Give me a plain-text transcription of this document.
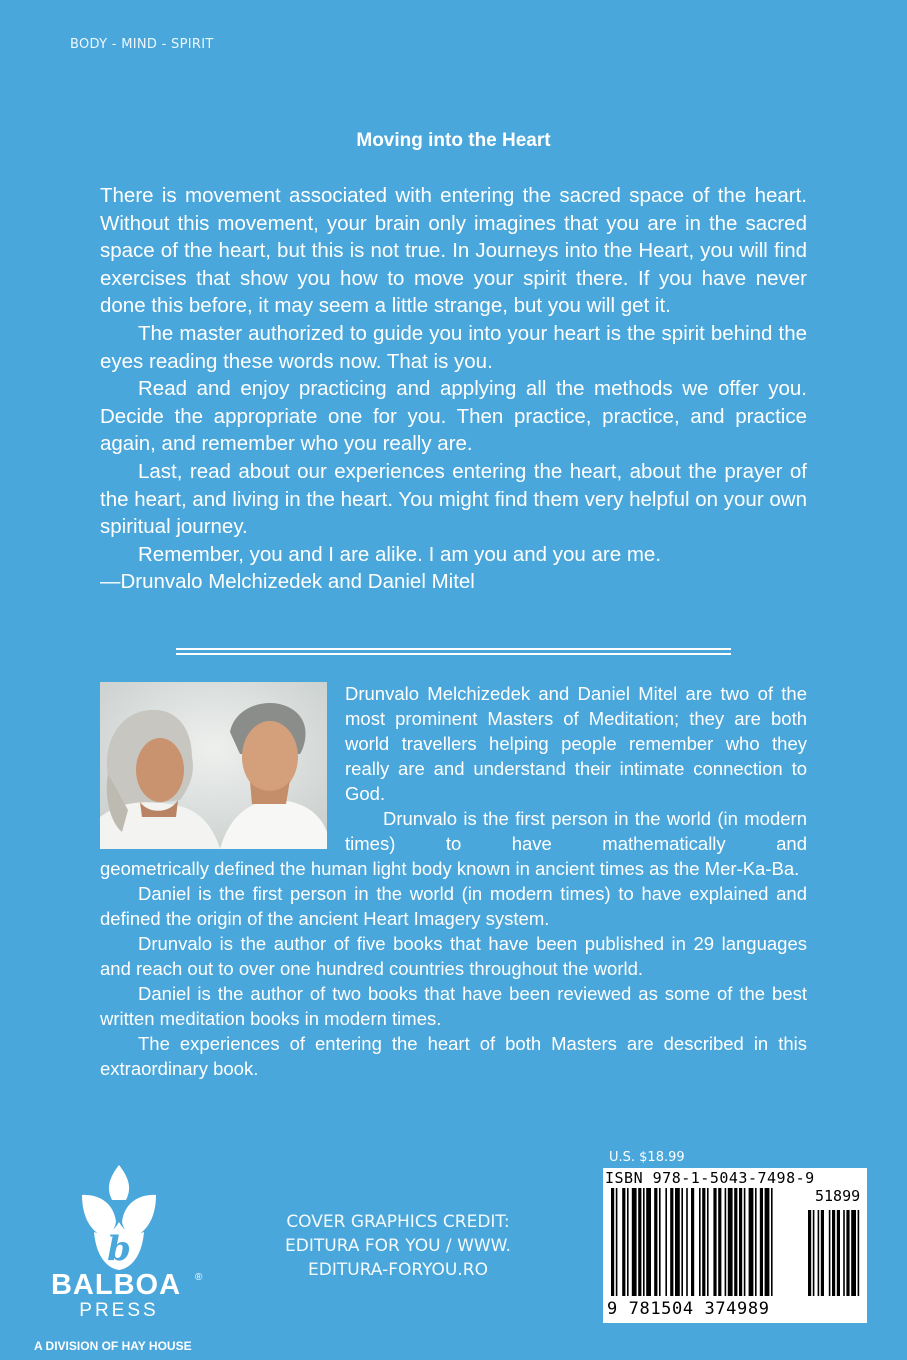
BODY - MIND - SPIRIT
Moving into the Heart

There is movement associated with entering the sacred space of the heart. Without this movement, your brain only imagines that you are in the sacred space of the heart, but this is not true. In Journeys into the Heart, you will find exercises that show you how to move your spirit there. If you have never done this before, it may seem a little strange, but you will get it.

The master authorized to guide you into your heart is the spirit behind the eyes reading these words now. That is you.

Read and enjoy practicing and applying all the methods we offer you. Decide the appropriate one for you. Then practice, practice, and practice again, and remember who you really are.

Last, read about our experiences entering the heart, about the prayer of the heart, and living in the heart. You might find them very helpful on your own spiritual journey.

Remember, you and I are alike. I am you and you are me.

—Drunvalo Melchizedek and Daniel Mitel

Drunvalo Melchizedek and Daniel Mitel are two of the most prominent Masters of Meditation; they are both world travellers helping people remember who they really are and understand their intimate connection to God.

Drunvalo is the first person in the world (in modern times) to have mathematically and

geometrically defined the human light body known in ancient times as the Mer-Ka-Ba.

Daniel is the first person in the world (in modern times) to have explained and defined the origin of the ancient Heart Imagery system.

Drunvalo is the author of five books that have been published in 29 languages and reach out to over one hundred countries throughout the world.

Daniel is the author of two books that have been reviewed as some of the best written meditation books in modern times.

The experiences of entering the heart of both Masters are described in this extraordinary book.

b
BALBOA ®
PRESS
A DIVISION OF HAY HOUSE
COVER GRAPHICS CREDIT:
EDITURA FOR YOU / WWW.
EDITURA-FORYOU.RO
U.S. $18.99
ISBN 978-1-5043-7498-9
51899
9 781504 374989
